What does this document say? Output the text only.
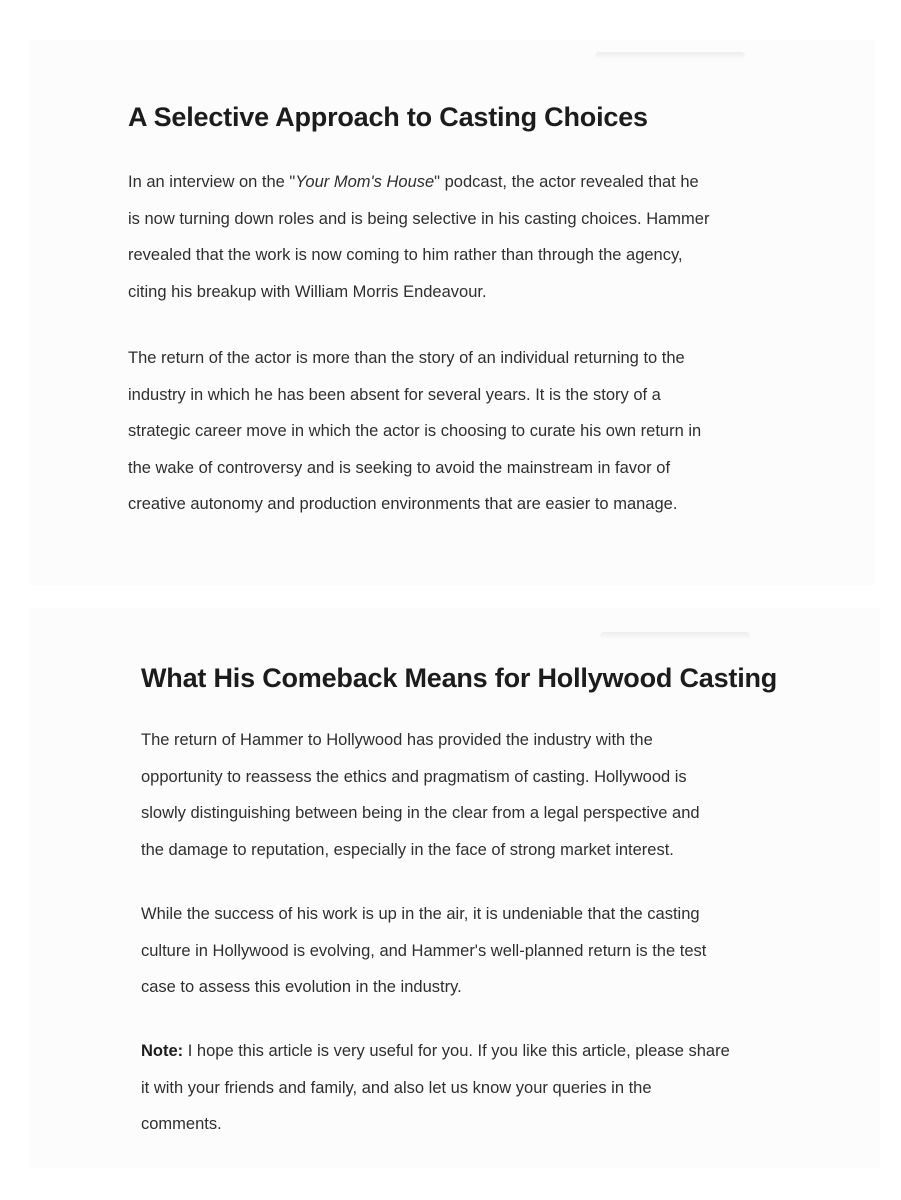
A Selective Approach to Casting Choices

In an interview on the "Your Mom's House" podcast, the actor revealed that he
is now turning down roles and is being selective in his casting choices. Hammer
revealed that the work is now coming to him rather than through the agency,
citing his breakup with William Morris Endeavour.

The return of the actor is more than the story of an individual returning to the
industry in which he has been absent for several years. It is the story of a
strategic career move in which the actor is choosing to curate his own return in
the wake of controversy and is seeking to avoid the mainstream in favor of
creative autonomy and production environments that are easier to manage.

What His Comeback Means for Hollywood Casting

The return of Hammer to Hollywood has provided the industry with the
opportunity to reassess the ethics and pragmatism of casting. Hollywood is
slowly distinguishing between being in the clear from a legal perspective and
the damage to reputation, especially in the face of strong market interest.

While the success of his work is up in the air, it is undeniable that the casting
culture in Hollywood is evolving, and Hammer's well-planned return is the test
case to assess this evolution in the industry.

Note: I hope this article is very useful for you. If you like this article, please share
it with your friends and family, and also let us know your queries in the
comments.
